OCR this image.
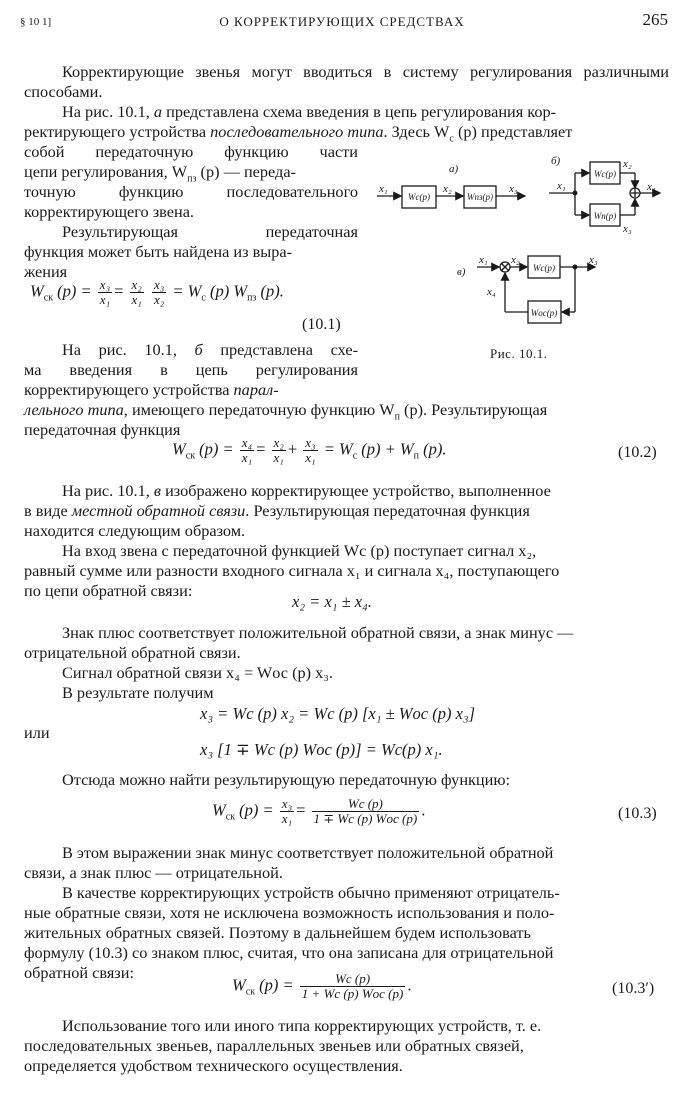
§ 10 1]	О КОРРЕКТИРУЮЩИХ СРЕДСТВАХ	265
Корректирующие звенья могут вводиться в систему регулирования различными способами.
На рис. 10.1, а представлена схема введения в цепь регулирования кор-
ректирующего устройства последовательного типа. Здесь $W_с$ (p) представляет
собой передаточную функцию части
цепи регулирования, $W_{пз}$ (p) — переда-
точную функцию последовательного
корректирующего звена.
Результирующая передаточная
функция может быть найдена из выра-
жения
$W_{ск}$ $(p) = \frac{\text{x₃}}{\text{x₁}} = \frac{\text{x₂}}{\text{x₁}}$
$\frac{\text{x₃}}{\text{x₂}} = W_с$ (p) $W_{пз}$ (p).
(10.1)
На рис. 10.1, б представлена схе-
ма введения в цепь регулирования
корректирующего устройства парал-
лельного типа, имеющего передаточную функцию $W_п$ (p). Результирующая
передаточная функция
$W_{ск}$ $(p) = \frac{\text{x₄}}{\text{x₁}} = \frac{\text{x₂}}{\text{x₁}} + \frac{\text{x₃}}{\text{x₁}} = W_с$ $(p) + W_п$ (p).	(10.2)
На рис. 10.1, в изображено корректирующее устройство, выполненное
в виде местной обратной связи. Результирующая передаточная функция
находится следующим образом.
На вход звена с передаточной функцией Wс (p) поступает сигнал x₂,
равный сумме или разности входного сигнала x₁ и сигнала x₄, поступающего
по цепи обратной связи:
x₂ = x₁ ± x₄.
Знак плюс соответствует положительной обратной связи, а знак минус —
отрицательной обратной связи.
Сигнал обратной связи x₄ = Wос (p) x₃.
В результате получим
x₃ = Wс (p) x₂ = Wс (p) [x₁ ± Wос (p) x₃]
или
x₃ [1 ∓ Wс (p) Wос (p)] = Wс(p) x₁.
Отсюда можно найти результирующую передаточную функцию:
$W_{ск}$ $(p) = \frac{\text{x₃}}{\text{x₁}} = \frac{Wс (p)}{\text{1 ∓ Wс (p) Wос (p)}}$ .	(10.3)
В этом выражении знак минус соответствует положительной обратной
связи, а знак плюс — отрицательной.
В качестве корректирующих устройств обычно применяют отрицатель-
ные обратные связи, хотя не исключена возможность использования и поло-
жительных обратных связей. Поэтому в дальнейшем будем использовать
формулу (10.3) со знаком плюс, считая, что она записана для отрицательной
обратной связи:
$W_{ск}$ $(p) = \frac{Wс (p)}{\text{1 + Wс (p) Wос (p)}}$ .	(10.3′)
Использование того или иного типа корректирующих устройств, т. е.
последовательных звеньев, параллельных звеньев или обратных связей,
определяется удобством технического осуществления.
а)
б)
в)
x₁	x₂	x₃	x₁
x₂
x₃
x₄
x₁ x₂	x₃
x₄
Wc(p)	Wпз(p)
Wc(p)
Wп(p)
Wc(p)
Wос(p)
Рис. 10.1.
